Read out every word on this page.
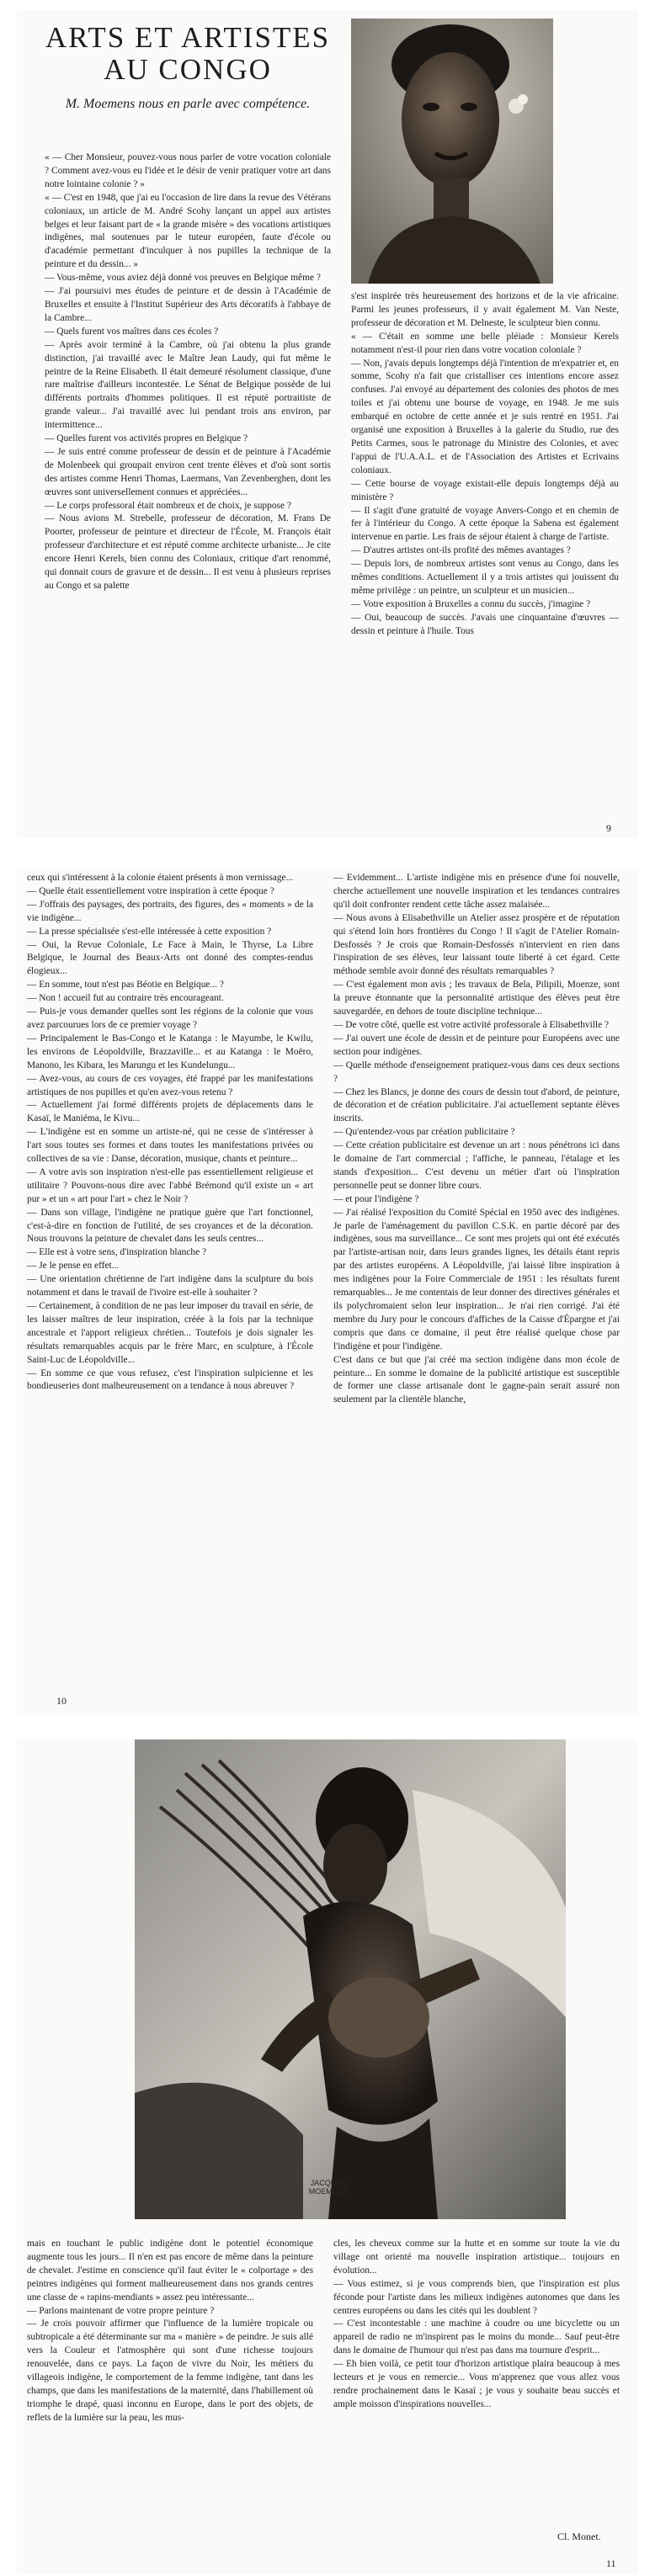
ARTS ET ARTISTES
AU CONGO

M. Moemens nous en parle avec compétence.

« — Cher Monsieur, pouvez-vous nous parler de votre vocation coloniale ? Comment avez-vous eu l'idée et le désir de venir pratiquer votre art dans notre lointaine colonie ? »

« — C'est en 1948, que j'ai eu l'occasion de lire dans la revue des Vétérans coloniaux, un article de M. André Scohy lançant un appel aux artistes belges et leur faisant part de « la grande misère » des vocations artistiques indigènes, mal soutenues par le tuteur européen, faute d'école ou d'académie permettant d'inculquer à nos pupilles la technique de la peinture et du dessin... »

— Vous-même, vous aviez déjà donné vos preuves en Belgique même ?

— J'ai poursuivi mes études de peinture et de dessin à l'Académie de Bruxelles et ensuite à l'Institut Supérieur des Arts décoratifs à l'abbaye de la Cambre...

— Quels furent vos maîtres dans ces écoles ?

— Après avoir terminé à la Cambre, où j'ai obtenu la plus grande distinction, j'ai travaillé avec le Maître Jean Laudy, qui fut même le peintre de la Reine Elisabeth. Il était demeuré résolument classique, d'une rare maîtrise d'ailleurs incontestée. Le Sénat de Belgique possède de lui différents portraits d'hommes politiques. Il est réputé portraitiste de grande valeur... J'ai travaillé avec lui pendant trois ans environ, par intermittence...

— Quelles furent vos activités propres en Belgique ?

— Je suis entré comme professeur de dessin et de peinture à l'Académie de Molenbeek qui groupait environ cent trente élèves et d'où sont sortis des artistes comme Henri Thomas, Laermans, Van Zevenberghen, dont les œuvres sont universellement connues et appréciées...

— Le corps professoral était nombreux et de choix, je suppose ?

— Nous avions M. Strebelle, professeur de décoration, M. Frans De Poorter, professeur de peinture et directeur de l'École, M. François était professeur d'architecture et est réputé comme architecte urbaniste... Je cite encore Henri Kerels, bien connu des Coloniaux, critique d'art renommé, qui donnait cours de gravure et de dessin... Il est venu à plusieurs reprises au Congo et sa palette

s'est inspirée très heureusement des horizons et de la vie africaine. Parmi les jeunes professeurs, il y avait également M. Van Neste, professeur de décoration et M. Delneste, le sculpteur bien connu.

« — C'était en somme une belle pléiade : Monsieur Kerels notamment n'est-il pour rien dans votre vocation coloniale ?

— Non, j'avais depuis longtemps déjà l'intention de m'expatrier et, en somme, Scohy n'a fait que cristalliser ces intentions encore assez confuses. J'ai envoyé au département des colonies des photos de mes toiles et j'ai obtenu une bourse de voyage, en 1948. Je me suis embarqué en octobre de cette année et je suis rentré en 1951. J'ai organisé une exposition à Bruxelles à la galerie du Studio, rue des Petits Carmes, sous le patronage du Ministre des Colonies, et avec l'appui de l'U.A.A.L. et de l'Association des Artistes et Ecrivains coloniaux.

— Cette bourse de voyage existait-elle depuis longtemps déjà au ministère ?

— Il s'agit d'une gratuité de voyage Anvers-Congo et en chemin de fer à l'intérieur du Congo. A cette époque la Sabena est également intervenue en partie. Les frais de séjour étaient à charge de l'artiste.

— D'autres artistes ont-ils profité des mêmes avantages ?

— Depuis lors, de nombreux artistes sont venus au Congo, dans les mêmes conditions. Actuellement il y a trois artistes qui jouissent du même privilège : un peintre, un sculpteur et un musicien...

— Votre exposition à Bruxelles a connu du succès, j'imagine ?

— Oui, beaucoup de succès. J'avais une cinquantaine d'œuvres — dessin et peinture à l'huile. Tous

9

ceux qui s'intéressent à la colonie étaient présents à mon vernissage...

— Quelle était essentiellement votre inspiration à cette époque ?

— J'offrais des paysages, des portraits, des figures, des « moments » de la vie indigène...

— La presse spécialisée s'est-elle intéressée à cette exposition ?

— Oui, la Revue Coloniale, Le Face à Main, le Thyrse, La Libre Belgique, le Journal des Beaux-Arts ont donné des comptes-rendus élogieux...

— En somme, tout n'est pas Béotie en Belgique... ?

— Non ! accueil fut au contraire très encourageant.

— Puis-je vous demander quelles sont les régions de la colonie que vous avez parcourues lors de ce premier voyage ?

— Principalement le Bas-Congo et le Katanga : le Mayumbe, le Kwilu, les environs de Léopoldville, Brazzaville... et au Katanga : le Moëro, Manono, les Kibara, les Marungu et les Kundelungu...

— Avez-vous, au cours de ces voyages, été frappé par les manifestations artistiques de nos pupilles et qu'en avez-vous retenu ?

— Actuellement j'ai formé différents projets de déplacements dans le Kasaï, le Maniéma, le Kivu...

— L'indigène est en somme un artiste-né, qui ne cesse de s'intéresser à l'art sous toutes ses formes et dans toutes les manifestations privées ou collectives de sa vie : Danse, décoration, musique, chants et peinture...

— A votre avis son inspiration n'est-elle pas essentiellement religieuse et utilitaire ? Pouvons-nous dire avec l'abbé Brémond qu'il existe un « art pur » et un « art pour l'art » chez le Noir ?

— Dans son village, l'indigène ne pratique guère que l'art fonctionnel, c'est-à-dire en fonction de l'utilité, de ses croyances et de la décoration. Nous trouvons la peinture de chevalet dans les seuls centres...

— Elle est à votre sens, d'inspiration blanche ?

— Je le pense en effet...

— Une orientation chrétienne de l'art indigène dans la sculpture du bois notamment et dans le travail de l'ivoire est-elle à souhaiter ?

— Certainement, à condition de ne pas leur imposer du travail en série, de les laisser maîtres de leur inspiration, créée à la fois par la technique ancestrale et l'apport religieux chrétien... Toutefois je dois signaler les résultats remarquables acquis par le frère Marc, en sculpture, à l'École Saint-Luc de Léopoldville...

— En somme ce que vous refusez, c'est l'inspiration sulpicienne et les bondieuseries dont malheureusement on a tendance à nous abreuver ?

— Evidemment... L'artiste indigène mis en présence d'une foi nouvelle, cherche actuellement une nouvelle inspiration et les tendances contraires qu'il doit confronter rendent cette tâche assez malaisée...

— Nous avons à Elisabethville un Atelier assez prospère et de réputation qui s'étend loin hors frontières du Congo ! Il s'agit de l'Atelier Romain-Desfossés ? Je crois que Romain-Desfossés n'intervient en rien dans l'inspiration de ses élèves, leur laissant toute liberté à cet égard. Cette méthode semble avoir donné des résultats remarquables ?

— C'est également mon avis ; les travaux de Bela, Pilipili, Moenze, sont la preuve étonnante que la personnalité artistique des élèves peut être sauvegardée, en dehors de toute discipline technique...

— De votre côté, quelle est votre activité professorale à Elisabethville ?

— J'ai ouvert une école de dessin et de peinture pour Européens avec une section pour indigènes.

— Quelle méthode d'enseignement pratiquez-vous dans ces deux sections ?

— Chez les Blancs, je donne des cours de dessin tout d'abord, de peinture, de décoration et de création publicitaire. J'ai actuellement septante élèves inscrits.

— Qu'entendez-vous par création publicitaire ?

— Cette création publicitaire est devenue un art : nous pénétrons ici dans le domaine de l'art commercial ; l'affiche, le panneau, l'étalage et les stands d'exposition... C'est devenu un métier d'art où l'inspiration personnelle peut se donner libre cours.

— et pour l'indigène ?

— J'ai réalisé l'exposition du Comité Spécial en 1950 avec des indigènes. Je parle de l'aménagement du pavillon C.S.K. en partie décoré par des indigènes, sous ma surveillance... Ce sont mes projets qui ont été exécutés par l'artiste-artisan noir, dans leurs grandes lignes, les détails étant repris par des artistes européens. A Léopoldville, j'ai laissé libre inspiration à mes indigènes pour la Foire Commerciale de 1951 : les résultats furent remarquables... Je me contentais de leur donner des directives générales et ils polychromaient selon leur inspiration... Je n'ai rien corrigé. J'ai été membre du Jury pour le concours d'affiches de la Caisse d'Épargne et j'ai compris que dans ce domaine, il peut être réalisé quelque chose par l'indigène et pour l'indigène.

C'est dans ce but que j'ai créé ma section indigène dans mon école de peinture... En somme le domaine de la publicité artistique est susceptible de former une classe artisanale dont le gagne-pain serait assuré non seulement par la clientèle blanche,

10
JACQUES MOEMENS

mais en touchant le public indigène dont le potentiel économique augmente tous les jours... Il n'en est pas encore de même dans la peinture de chevalet. J'estime en conscience qu'il faut éviter le « colportage » des peintres indigènes qui forment malheureusement dans nos grands centres une classe de « rapins-mendiants » assez peu intéressante...

— Parlons maintenant de votre propre peinture ?

— Je crois pouvoir affirmer que l'influence de la lumière tropicale ou subtropicale a été déterminante sur ma « manière » de peindre. Je suis allé vers la Couleur et l'atmosphère qui sont d'une richesse toujours renouvelée, dans ce pays. La façon de vivre du Noir, les métiers du villageois indigène, le comportement de la femme indigène, tant dans les champs, que dans les manifestations de la maternité, dans l'habillement où triomphe le drapé, quasi inconnu en Europe, dans le port des objets, de reflets de la lumière sur la peau, les mus-

cles, les cheveux comme sur la hutte et en somme sur toute la vie du village ont orienté ma nouvelle inspiration artistique... toujours en évolution...

— Vous estimez, si je vous comprends bien, que l'inspiration est plus féconde pour l'artiste dans les milieux indigènes autonomes que dans les centres européens ou dans les cités qui les doublent ?

— C'est incontestable : une machine à coudre ou une bicyclette ou un appareil de radio ne m'inspirent pas le moins du monde... Sauf peut-être dans le domaine de l'humour qui n'est pas dans ma tournure d'esprit...

— Eh bien voilà, ce petit tour d'horizon artistique plaira beaucoup à mes lecteurs et je vous en remercie... Vous m'apprenez que vous allez vous rendre prochainement dans le Kasaï ; je vous y souhaite beau succès et ample moisson d'inspirations nouvelles...

Cl. Monet.
11
